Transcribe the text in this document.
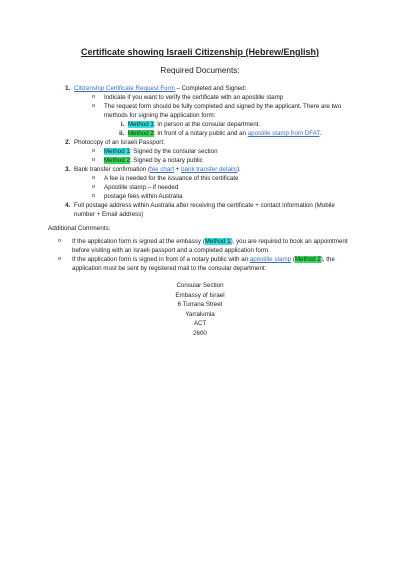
Certificate showing Israeli Citizenship (Hebrew/English)
Required Documents:
1. Citizenship Certificate Request Form – Completed and Signed:
o Indicate if you want to verify the certificate with an apostille stamp
o The request form should be fully completed and signed by the applicant. There are two methods for signing the application form:
i. Method 1: In person at the consular department.
ii. Method 2: In front of a notary public and an apostille stamp from DFAT.
2. Photocopy of an Israeli Passport:
o Method 1: Signed by the consular section
o Method 2: Signed by a notary public
3. Bank transfer confirmation (fee chart + bank transfer details):
o A fee is needed for the issuance of this certificate
o Apostille stamp – if needed
o postage fees within Australia
4. Full postage address within Australia after receiving the certificate + contact information (Mobile number + Email address)
Additional Comments:
o If the application form is signed at the embassy (Method 1), you are required to book an appointment before visiting with an Israeli passport and a completed application form.
o If the application form is signed in front of a notary public with an apostille stamp (Method 2), the application must be sent by registered mail to the consular department:
Consular Section
Embassy of Israel
6 Turrana Street
Yarralumla
ACT
2600
